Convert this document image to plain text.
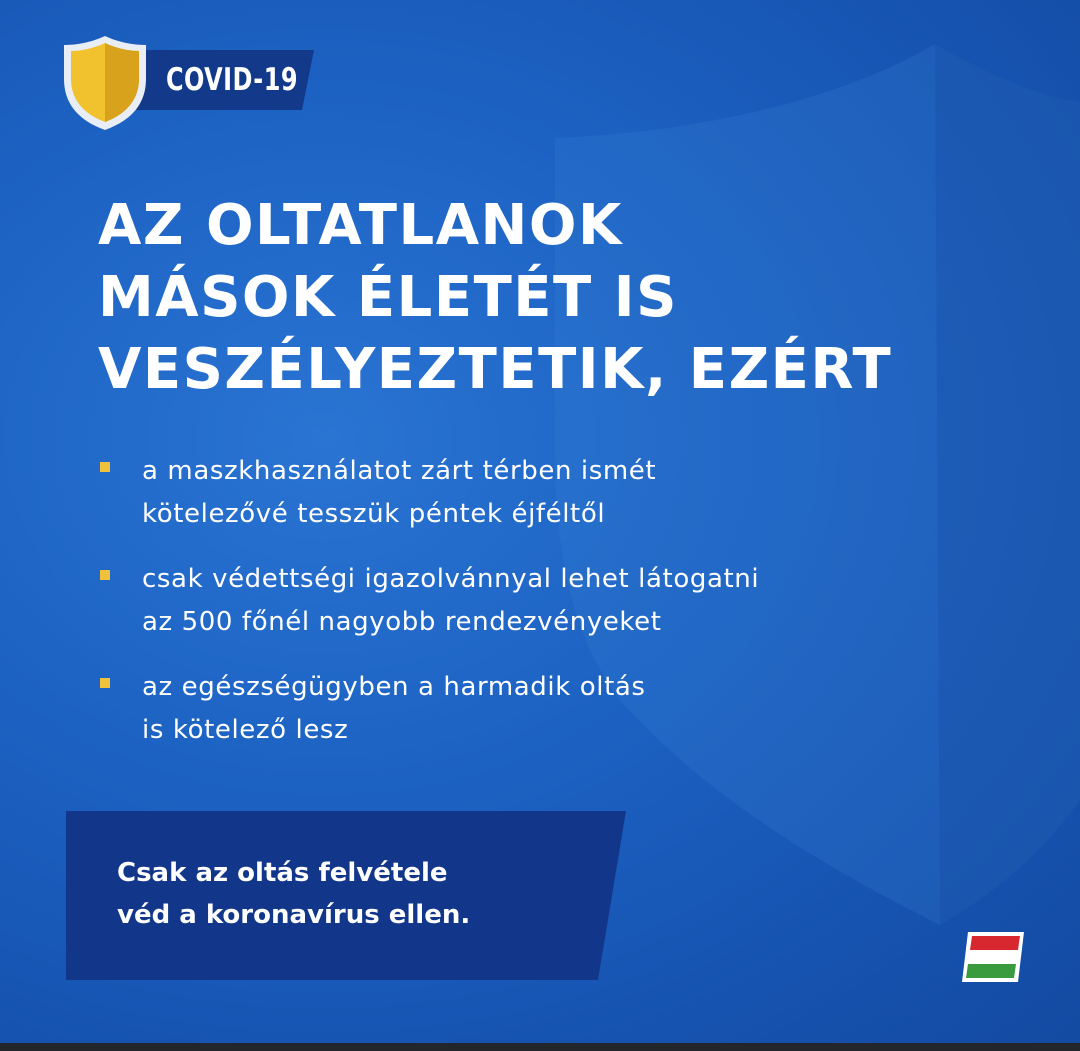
COVID-19
AZ OLTATLANOK
MÁSOK ÉLETÉT IS
VESZÉLYEZTETIK, EZÉRT
a maszkhasználatot zárt térben ismét
kötelezővé tesszük péntek éjféltől
csak védettségi igazolvánnyal lehet látogatni
az 500 főnél nagyobb rendezvényeket
az egészségügyben a harmadik oltás
is kötelező lesz

Csak az oltás felvétele
véd a koronavírus ellen.
